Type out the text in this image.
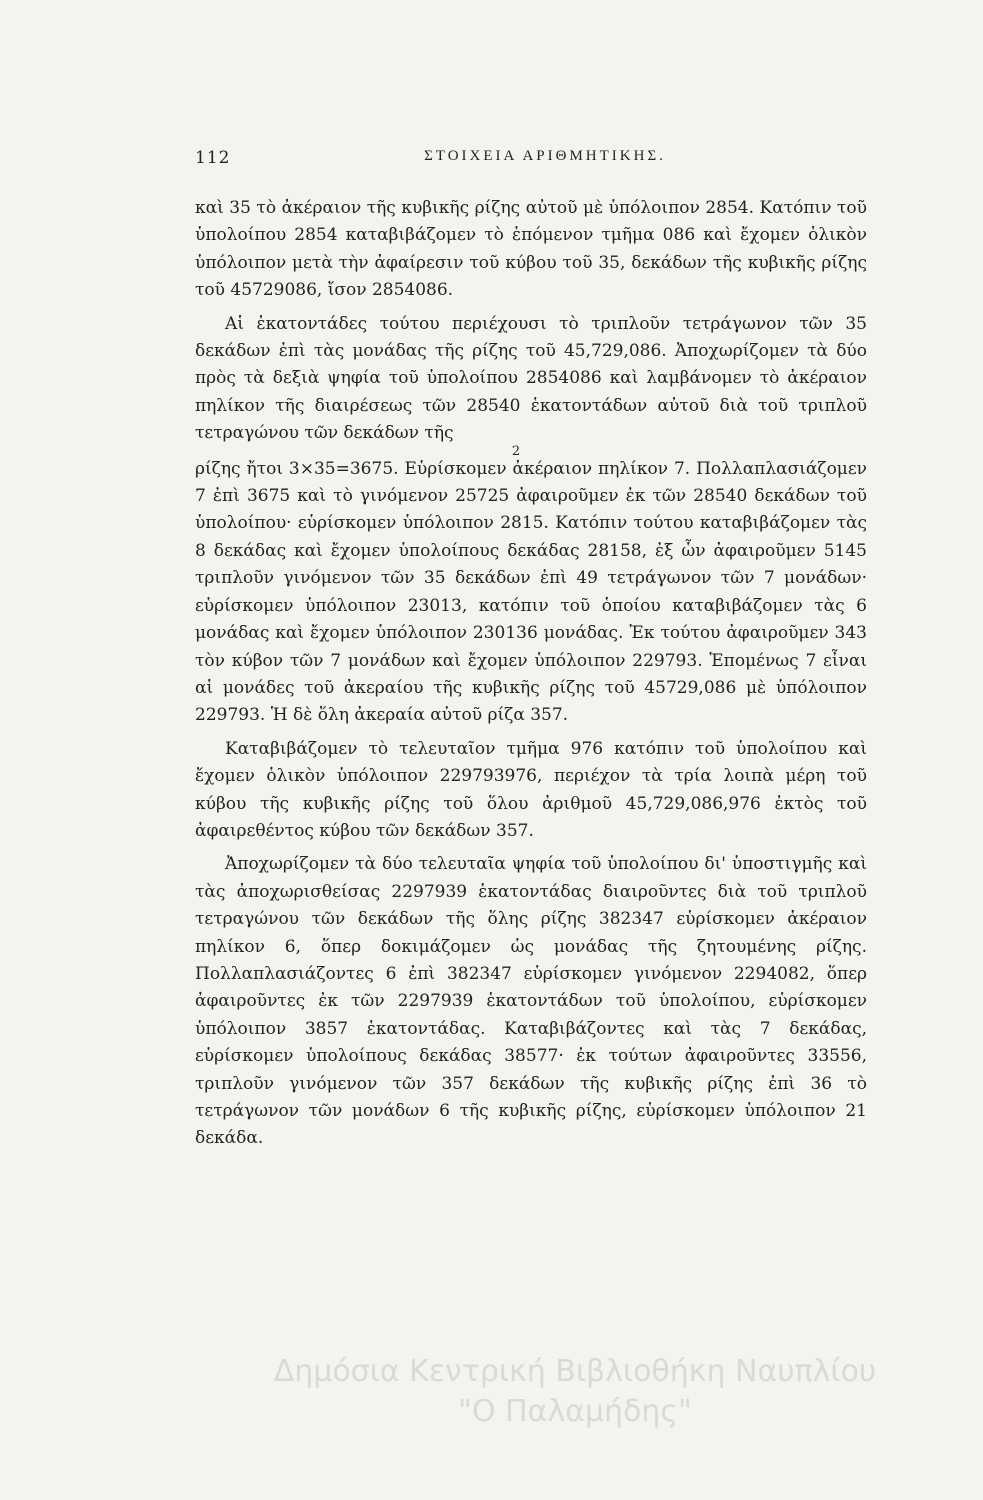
112	ΣΤΟΙΧΕΙΑ ΑΡΙΘΜΗΤΙΚΗΣ.

καὶ 35 τὸ ἀκέραιον τῆς κυβικῆς ρίζης αὐτοῦ μὲ ὑπόλοιπον 2854. Κατόπιν τοῦ ὑπολοίπου 2854 καταβιβάζομεν τὸ ἑπόμενον τμῆμα 086 καὶ ἔχομεν ὁλικὸν ὑπόλοιπον μετὰ τὴν ἀφαίρεσιν τοῦ κύβου τοῦ 35, δεκάδων τῆς κυβικῆς ρίζης τοῦ 45729086, ἴσον 2854086.

Αἱ ἑκατοντάδες τούτου περιέχουσι τὸ τριπλοῦν τετράγωνον τῶν 35 δεκάδων ἐπὶ τὰς μονάδας τῆς ρίζης τοῦ 45,729,086. Ἀποχωρίζομεν τὰ δύο πρὸς τὰ δεξιὰ ψηφία τοῦ ὑπολοίπου 2854086 καὶ λαμβάνομεν τὸ ἀκέραιον πηλίκον τῆς διαιρέσεως τῶν 28540 ἑκατοντάδων αὐτοῦ διὰ τοῦ τριπλοῦ τετραγώνου τῶν δεκάδων τῆς

2

ρίζης ἤτοι 3×35=3675. Εὑρίσκομεν ἀκέραιον πηλίκον 7. Πολλαπλασιάζομεν 7 ἐπὶ 3675 καὶ τὸ γινόμενον 25725 ἀφαιροῦμεν ἐκ τῶν 28540 δεκάδων τοῦ ὑπολοίπου· εὑρίσκομεν ὑπόλοιπον 2815. Κατόπιν τούτου καταβιβάζομεν τὰς 8 δεκάδας καὶ ἔχομεν ὑπολοίπους δεκάδας 28158, ἐξ ὧν ἀφαιροῦμεν 5145 τριπλοῦν γινόμενον τῶν 35 δεκάδων ἐπὶ 49 τετράγωνον τῶν 7 μονάδων· εὑρίσκομεν ὑπόλοιπον 23013, κατόπιν τοῦ ὁποίου καταβιβάζομεν τὰς 6 μονάδας καὶ ἔχομεν ὑπόλοιπον 230136 μονάδας. Ἐκ τούτου ἀφαιροῦμεν 343 τὸν κύβον τῶν 7 μονάδων καὶ ἔχομεν ὑπόλοιπον 229793. Ἑπομένως 7 εἶναι αἱ μονάδες τοῦ ἀκεραίου τῆς κυβικῆς ρίζης τοῦ 45729,086 μὲ ὑπόλοιπον 229793. Ἡ δὲ ὅλη ἀκεραία αὐτοῦ ρίζα 357.

Καταβιβάζομεν τὸ τελευταῖον τμῆμα 976 κατόπιν τοῦ ὑπολοίπου καὶ ἔχομεν ὁλικὸν ὑπόλοιπον 229793976, περιέχον τὰ τρία λοιπὰ μέρη τοῦ κύβου τῆς κυβικῆς ρίζης τοῦ ὅλου ἀριθμοῦ 45,729,086,976 ἐκτὸς τοῦ ἀφαιρεθέντος κύβου τῶν δεκάδων 357.

Ἀποχωρίζομεν τὰ δύο τελευταῖα ψηφία τοῦ ὑπολοίπου δι' ὑποστιγμῆς καὶ τὰς ἀποχωρισθείσας 2297939 ἑκατοντάδας διαιροῦντες διὰ τοῦ τριπλοῦ τετραγώνου τῶν δεκάδων τῆς ὅλης ρίζης 382347 εὑρίσκομεν ἀκέραιον πηλίκον 6, ὅπερ δοκιμάζομεν ὡς μονάδας τῆς ζητουμένης ρίζης. Πολλαπλασιάζοντες 6 ἐπὶ 382347 εὑρίσκομεν γινόμενον 2294082, ὅπερ ἀφαιροῦντες ἐκ τῶν 2297939 ἑκατοντάδων τοῦ ὑπολοίπου, εὑρίσκομεν ὑπόλοιπον 3857 ἑκατοντάδας. Καταβιβάζοντες καὶ τὰς 7 δεκάδας, εὑρίσκομεν ὑπολοίπους δεκάδας 38577· ἐκ τούτων ἀφαιροῦντες 33556, τριπλοῦν γινόμενον τῶν 357 δεκάδων τῆς κυβικῆς ρίζης ἐπὶ 36 τὸ τετράγωνον τῶν μονάδων 6 τῆς κυβικῆς ρίζης, εὑρίσκομεν ὑπόλοιπον 21 δεκάδα.

Δημόσια Κεντρική Βιβλιοθήκη Ναυπλίου
"Ο Παλαμήδης"
